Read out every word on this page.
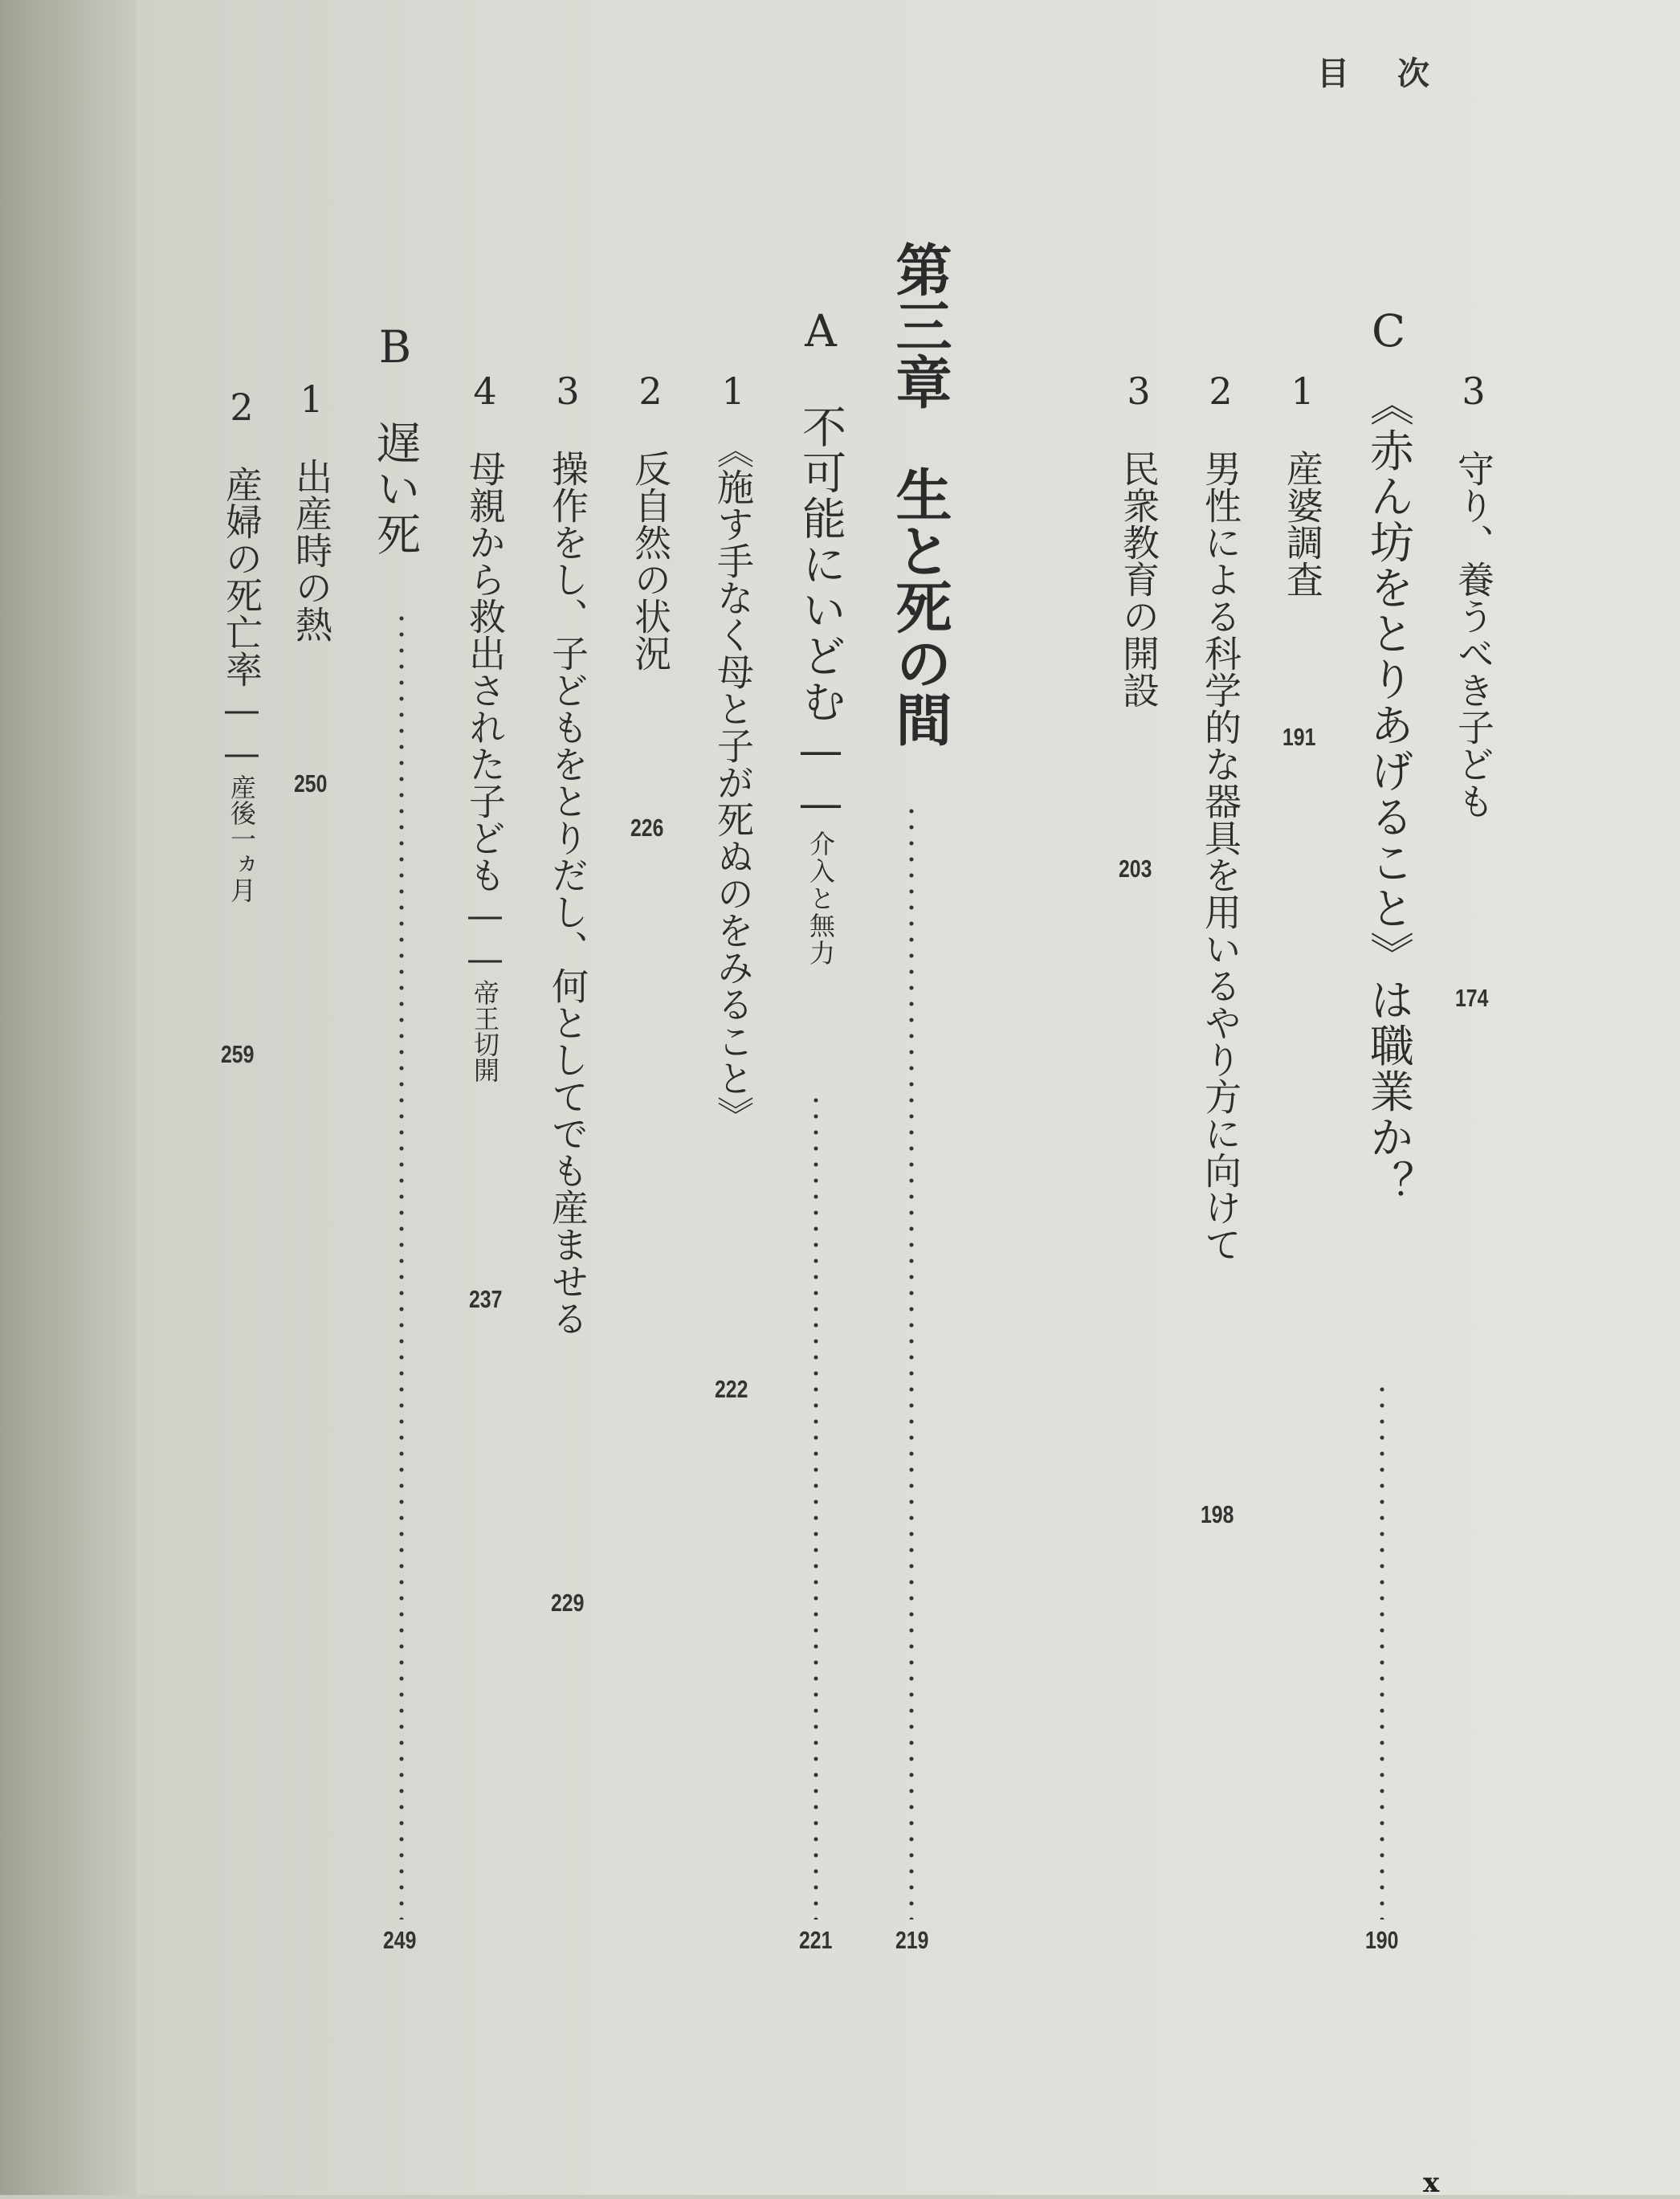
目次
3　守り、養うべき子ども
174
C　《赤ん坊をとりあげること》は職業か？
190
1　産婆調査
191
2　男性による科学的な器具を用いるやり方に向けて
198
3　民衆教育の開設
203
第三章　生と死の間
219
A　不可能にいどむ——介入と無力
221
1　《施す手なく母と子が死ぬのをみること》
222
2　反自然の状況
226
3　操作をし、子どもをとりだし、何としてでも産ませる
229
4　母親から救出された子ども——帝王切開
237
B　遅い死
249
1　出産時の熱
250
2　産婦の死亡率——産後一ヵ月
259
x
